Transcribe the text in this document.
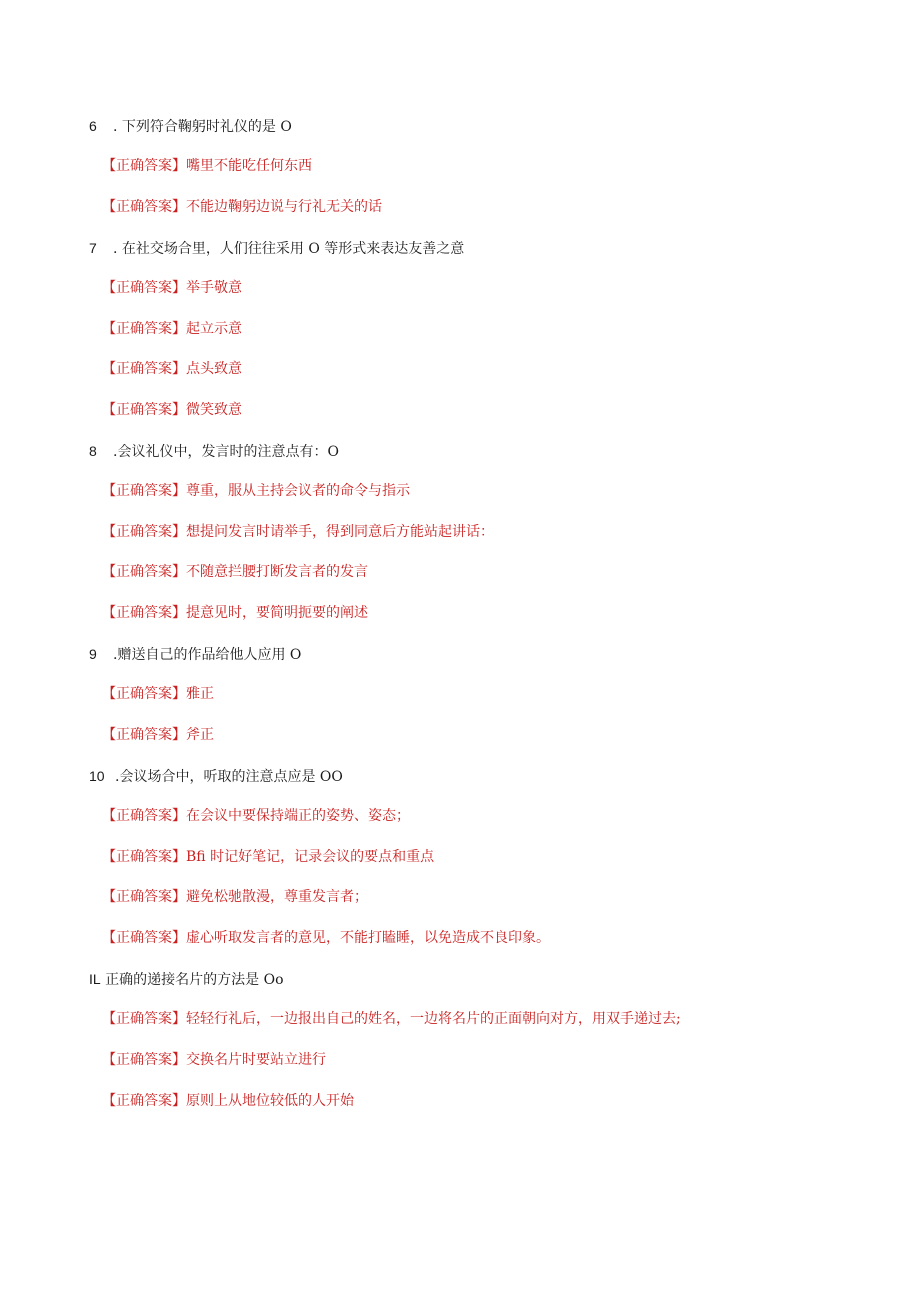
6 . 下列符合鞠躬时礼仪的是 O
【正确答案】嘴里不能吃任何东西
【正确答案】不能边鞠躬边说与行礼无关的话
7 . 在社交场合里，人们往往采用 O 等形式来表达友善之意
【正确答案】举手敬意
【正确答案】起立示意
【正确答案】点头致意
【正确答案】微笑致意
8 .会议礼仪中，发言时的注意点有：O
【正确答案】尊重，服从主持会议者的命令与指示
【正确答案】想提问发言时请举手，得到同意后方能站起讲话：
【正确答案】不随意拦腰打断发言者的发言
【正确答案】提意见时，要简明扼要的阐述
9 .赠送自己的作品给他人应用 O
【正确答案】雅正
【正确答案】斧正
10 .会议场合中，听取的注意点应是 OO
【正确答案】在会议中要保持端正的姿势、姿态；
【正确答案】Bfi 时记好笔记，记录会议的要点和重点
【正确答案】避免松驰散漫，尊重发言者；
【正确答案】虚心听取发言者的意见，不能打瞌睡，以免造成不良印象。
IL 正确的递接名片的方法是 Oo
【正确答案】轻轻行礼后，一边报出自己的姓名，一边将名片的正面朝向对方，用双手递过去;
【正确答案】交换名片时要站立进行
【正确答案】原则上从地位较低的人开始
